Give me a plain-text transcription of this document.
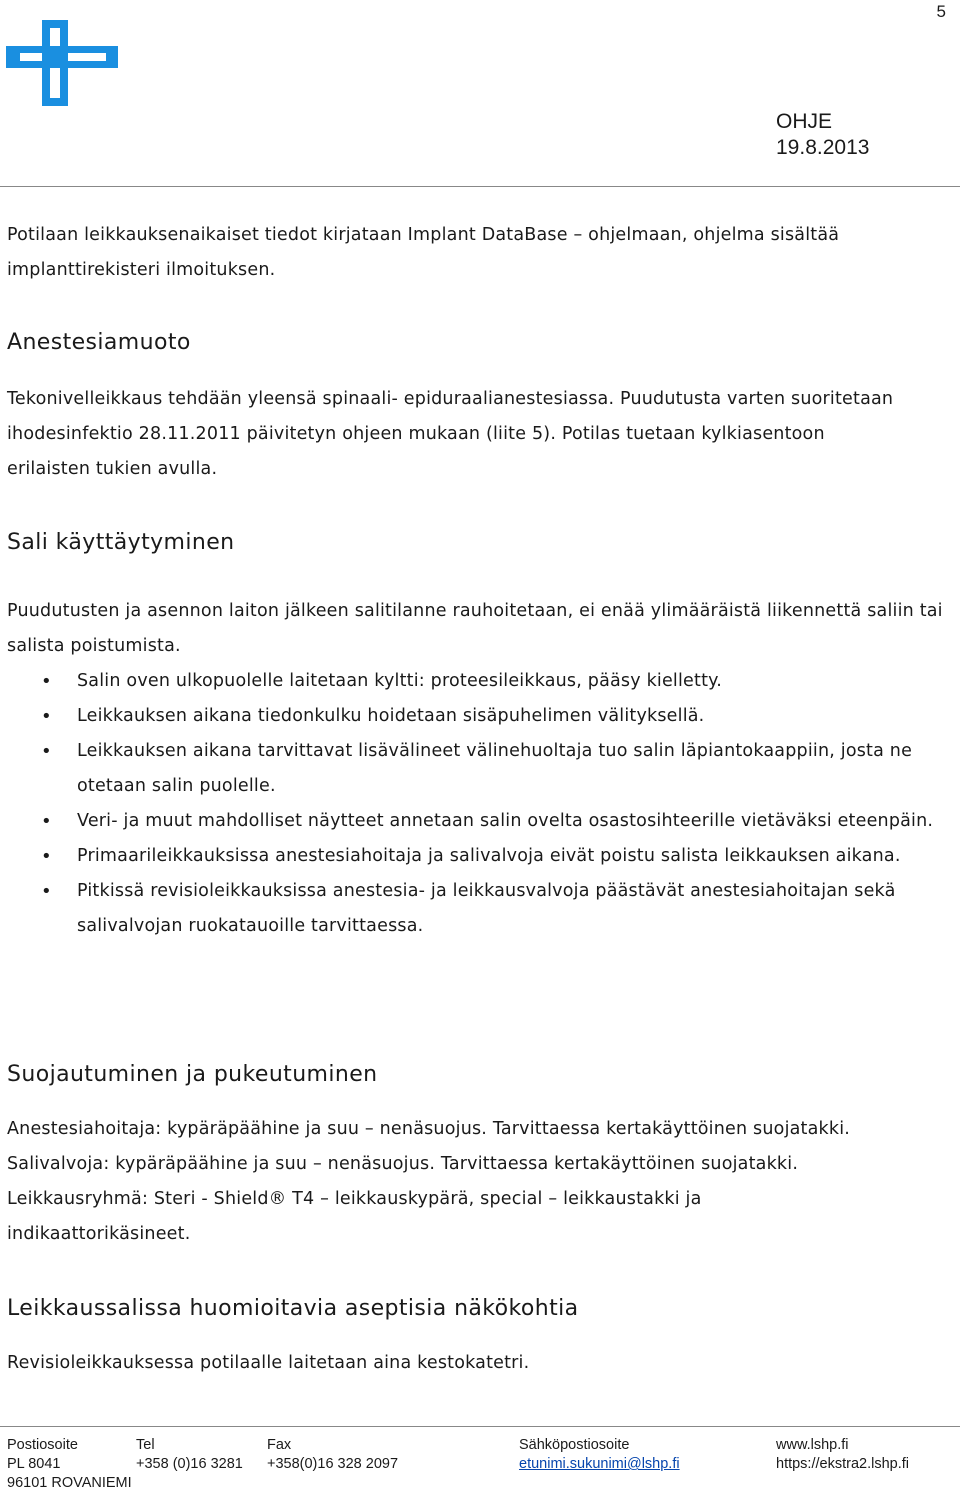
5
OHJE
19.8.2013
Potilaan leikkauksenaikaiset tiedot kirjataan Implant DataBase – ohjelmaan, ohjelma sisältää implanttirekisteri ilmoituksen.
Anestesiamuoto
Tekonivelleikkaus tehdään yleensä spinaali- epiduraalianestesiassa. Puudutusta varten suoritetaan ihodesinfektio 28.11.2011 päivitetyn ohjeen mukaan (liite 5). Potilas tuetaan kylkiasentoon erilaisten tukien avulla.
Sali käyttäytyminen
Puudutusten ja asennon laiton jälkeen salitilanne rauhoitetaan, ei enää ylimääräistä liikennettä saliin tai salista poistumista.
• Salin oven ulkopuolelle laitetaan kyltti: proteesileikkaus, pääsy kielletty.
• Leikkauksen aikana tiedonkulku hoidetaan sisäpuhelimen välityksellä.
• Leikkauksen aikana tarvittavat lisävälineet välinehuoltaja tuo salin läpiantokaappiin, josta ne otetaan salin puolelle.
• Veri- ja muut mahdolliset näytteet annetaan salin ovelta osastosihteerille vietäväksi eteenpäin.
• Primaarileikkauksissa anestesiahoitaja ja salivalvoja eivät poistu salista leikkauksen aikana.
• Pitkissä revisioleikkauksissa anestesia- ja leikkausvalvoja päästävät anestesiahoitajan sekä salivalvojan ruokatauoille tarvittaessa.
Suojautuminen ja pukeutuminen
Anestesiahoitaja: kypäräpäähine ja suu – nenäsuojus. Tarvittaessa kertakäyttöinen suojatakki.
Salivalvoja: kypäräpäähine ja suu – nenäsuojus. Tarvittaessa kertakäyttöinen suojatakki.
Leikkausryhmä: Steri - Shield® T4 – leikkauskypärä, special – leikkaustakki ja indikaattorikäsineet.
Leikkaussalissa huomioitavia aseptisia näkökohtia
Revisioleikkauksessa potilaalle laitetaan aina kestokatetri.
Postiosoite
PL 8041
96101 ROVANIEMI
Tel
+358 (0)16 3281
Fax
+358(0)16 328 2097
Sähköpostiosoite
etunimi.sukunimi@lshp.fi
www.lshp.fi
https://ekstra2.lshp.fi
